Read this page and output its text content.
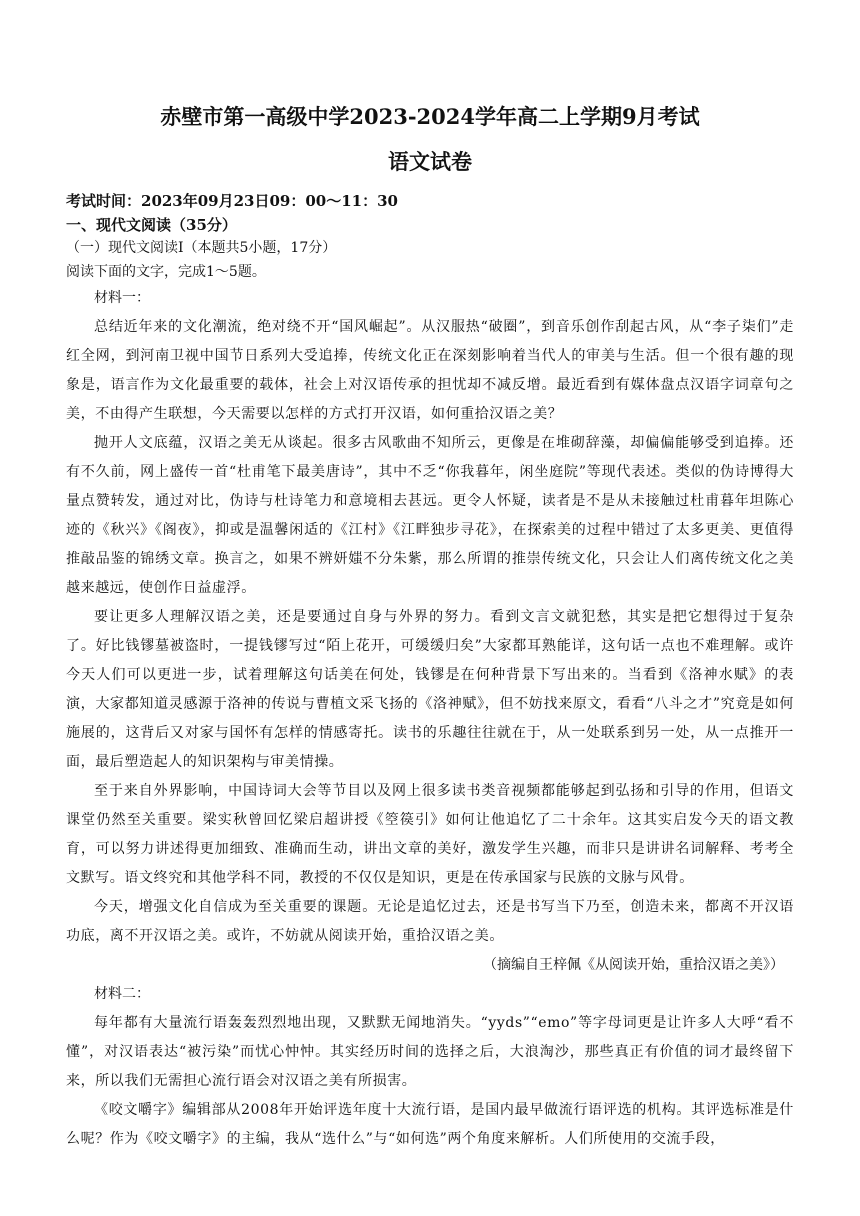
赤壁市第一高级中学2023-2024学年高二上学期9月考试
语文试卷
考试时间：2023年09月23日09：00～11：30
一、现代文阅读（35分）
（一）现代文阅读I（本题共5小题，17分）
阅读下面的文字，完成1～5题。

材料一：

总结近年来的文化潮流，绝对绕不开“国风崛起”。从汉服热“破圈”，到音乐创作刮起古风，从“李子柒们”走红全网，到河南卫视中国节日系列大受追捧，传统文化正在深刻影响着当代人的审美与生活。但一个很有趣的现象是，语言作为文化最重要的载体，社会上对汉语传承的担忧却不减反增。最近看到有媒体盘点汉语字词章句之美，不由得产生联想，今天需要以怎样的方式打开汉语，如何重拾汉语之美？

抛开人文底蕴，汉语之美无从谈起。很多古风歌曲不知所云，更像是在堆砌辞藻，却偏偏能够受到追捧。还有不久前，网上盛传一首“杜甫笔下最美唐诗”，其中不乏“你我暮年，闲坐庭院”等现代表述。类似的伪诗博得大量点赞转发，通过对比，伪诗与杜诗笔力和意境相去甚远。更令人怀疑，读者是不是从未接触过杜甫暮年坦陈心迹的《秋兴》《阁夜》，抑或是温馨闲适的《江村》《江畔独步寻花》，在探索美的过程中错过了太多更美、更值得推敲品鉴的锦绣文章。换言之，如果不辨妍媸不分朱紫，那么所谓的推崇传统文化，只会让人们离传统文化之美越来越远，使创作日益虚浮。

要让更多人理解汉语之美，还是要通过自身与外界的努力。看到文言文就犯愁，其实是把它想得过于复杂了。好比钱镠墓被盗时，一提钱镠写过“陌上花开，可缓缓归矣”大家都耳熟能详，这句话一点也不难理解。或许今天人们可以更进一步，试着理解这句话美在何处，钱镠是在何种背景下写出来的。当看到《洛神水赋》的表演，大家都知道灵感源于洛神的传说与曹植文采飞扬的《洛神赋》，但不妨找来原文，看看“八斗之才”究竟是如何施展的，这背后又对家与国怀有怎样的情感寄托。读书的乐趣往往就在于，从一处联系到另一处，从一点推开一面，最后塑造起人的知识架构与审美情操。

至于来自外界影响，中国诗词大会等节目以及网上很多读书类音视频都能够起到弘扬和引导的作用，但语文课堂仍然至关重要。梁实秋曾回忆梁启超讲授《箜篌引》如何让他追忆了二十余年。这其实启发今天的语文教育，可以努力讲述得更加细致、准确而生动，讲出文章的美好，激发学生兴趣，而非只是讲讲名词解释、考考全文默写。语文终究和其他学科不同，教授的不仅仅是知识，更是在传承国家与民族的文脉与风骨。

今天，增强文化自信成为至关重要的课题。无论是追忆过去，还是书写当下乃至，创造未来，都离不开汉语功底，离不开汉语之美。或许，不妨就从阅读开始，重拾汉语之美。

（摘编自王梓佩《从阅读开始，重拾汉语之美》）

材料二：

每年都有大量流行语轰轰烈烈地出现，又默默无闻地消失。“yyds”“emo”等字母词更是让许多人大呼“看不懂”，对汉语表达“被污染”而忧心忡忡。其实经历时间的选择之后，大浪淘沙，那些真正有价值的词才最终留下来，所以我们无需担心流行语会对汉语之美有所损害。

《咬文嚼字》编辑部从2008年开始评选年度十大流行语，是国内最早做流行语评选的机构。其评选标准是什么呢？作为《咬文嚼字》的主编，我从“选什么”与“如何选”两个角度来解析。人们所使用的交流手段，
